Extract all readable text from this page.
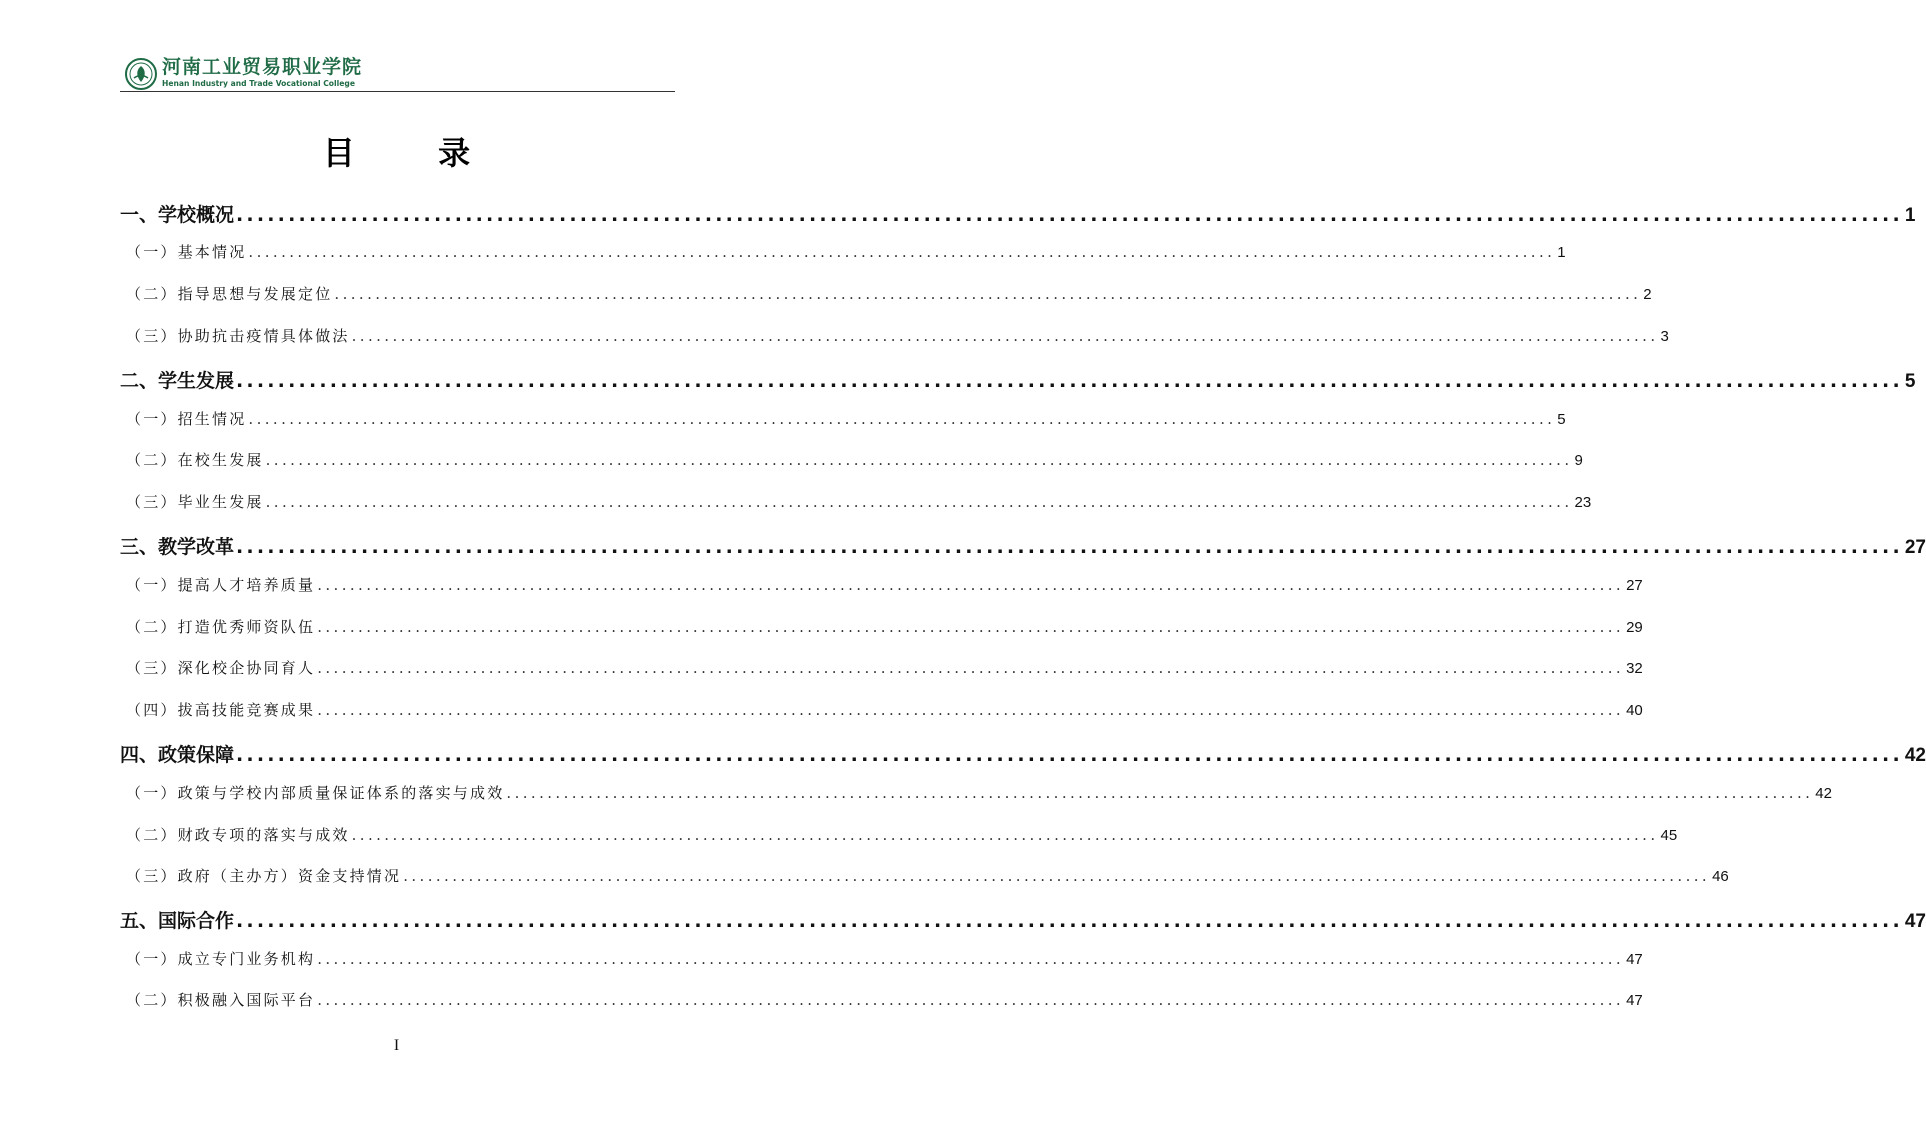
河南工业贸易职业学院
Henan Industry and Trade Vocational College
目 录
一、学校概况 ................................................................................................................................................................ 1
（一）基本情况 ................................................................................................................................................................ 1
（二）指导思想与发展定位 ................................................................................................................................................................ 2
（三）协助抗击疫情具体做法 ................................................................................................................................................................ 3
二、学生发展 ................................................................................................................................................................ 5
（一）招生情况 ................................................................................................................................................................ 5
（二）在校生发展 ................................................................................................................................................................ 9
（三）毕业生发展 ................................................................................................................................................................ 23
三、教学改革 ................................................................................................................................................................ 27
（一）提高人才培养质量 ................................................................................................................................................................ 27
（二）打造优秀师资队伍 ................................................................................................................................................................ 29
（三）深化校企协同育人 ................................................................................................................................................................ 32
（四）拔高技能竞赛成果 ................................................................................................................................................................ 40
四、政策保障 ................................................................................................................................................................ 42
（一）政策与学校内部质量保证体系的落实与成效 ................................................................................................................................................................ 42
（二）财政专项的落实与成效 ................................................................................................................................................................ 45
（三）政府（主办方）资金支持情况 ................................................................................................................................................................ 46
五、国际合作 ................................................................................................................................................................ 47
（一）成立专门业务机构 ................................................................................................................................................................ 47
（二）积极融入国际平台 ................................................................................................................................................................ 47
I
